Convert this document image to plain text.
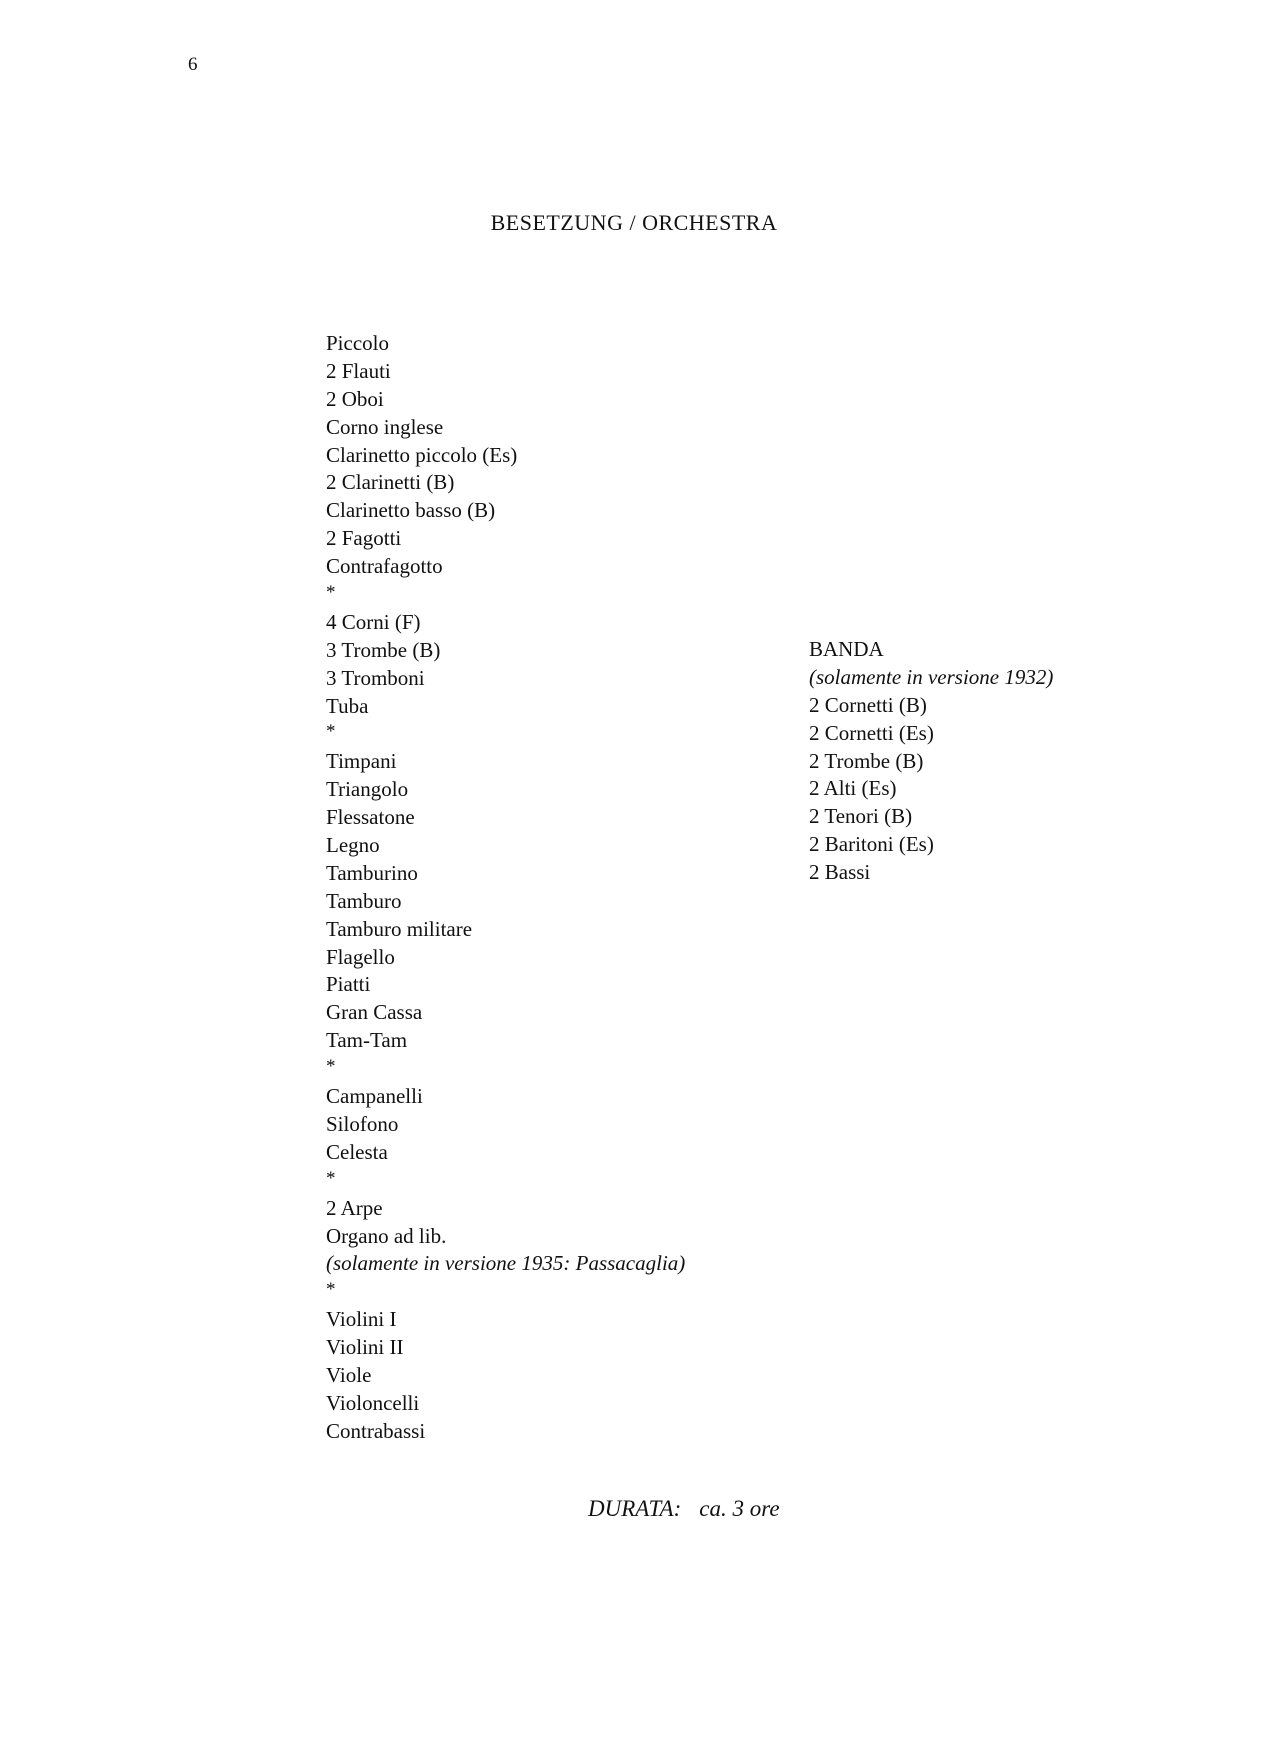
6
BESETZUNG / ORCHESTRA
Piccolo
2 Flauti
2 Oboi
Corno inglese
Clarinetto piccolo (Es)
2 Clarinetti (B)
Clarinetto basso (B)
2 Fagotti
Contrafagotto
*
4 Corni (F)
3 Trombe (B)
3 Tromboni
Tuba
*
Timpani
Triangolo
Flessatone
Legno
Tamburino
Tamburo
Tamburo militare
Flagello
Piatti
Gran Cassa
Tam-Tam
*
Campanelli
Silofono
Celesta
*
2 Arpe
Organo ad lib.
(solamente in versione 1935: Passacaglia)
*
Violini I
Violini II
Viole
Violoncelli
Contrabassi
BANDA
(solamente in versione 1932)
2 Cornetti (B)
2 Cornetti (Es)
2 Trombe (B)
2 Alti (Es)
2 Tenori (B)
2 Baritoni (Es)
2 Bassi
DURATA: ca. 3 ore
